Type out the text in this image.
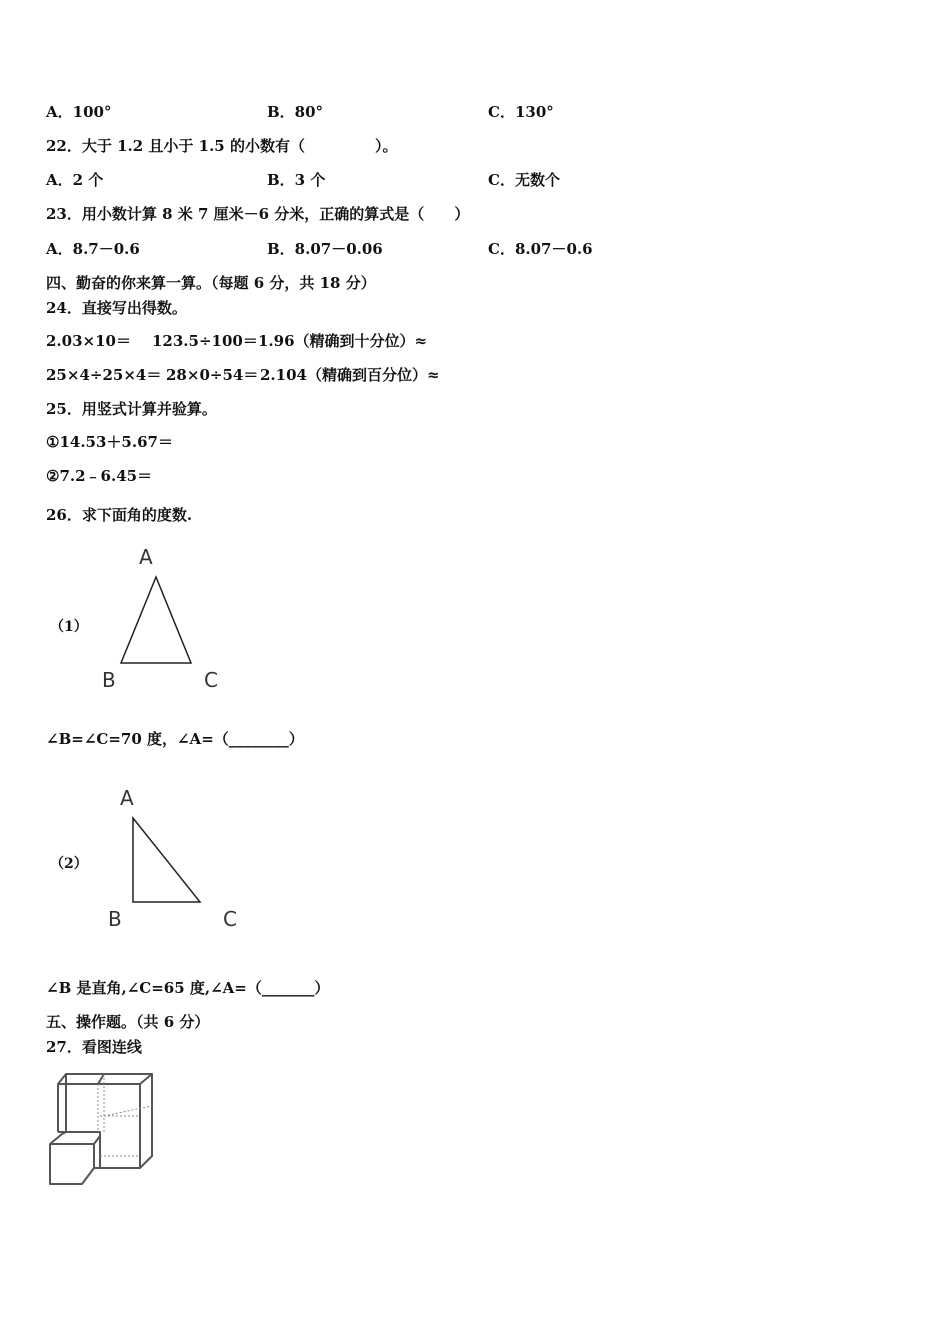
A．100°	B．80°	C．130°
22．大于 1.2 且小于 1.5 的小数有（	）。
A．2 个	B．3 个	C．无数个
23．用小数计算 8 米 7 厘米－6 分米，正确的算式是（ ）
A．8.7－0.6	B．8.07－0.06	C．8.07－0.6
四、勤奋的你来算一算。（每题 6 分，共 18 分）
24．直接写出得数。
2.03×10＝ 123.5÷100＝ 1.96（精确到十分位）≈
25×4÷25×4＝ 28×0÷54＝ 2.104（精确到百分位）≈
25．用竖式计算并验算。
①14.53＋5.67＝
②7.2﹣6.45＝
26．求下面角的度数.
（1）
A
B	C
∠B=∠C=70 度，∠A=（________）
（2）
A
B	C
∠B 是直角,∠C=65 度,∠A=（_______）
五、操作题。（共 6 分）
27．看图连线
